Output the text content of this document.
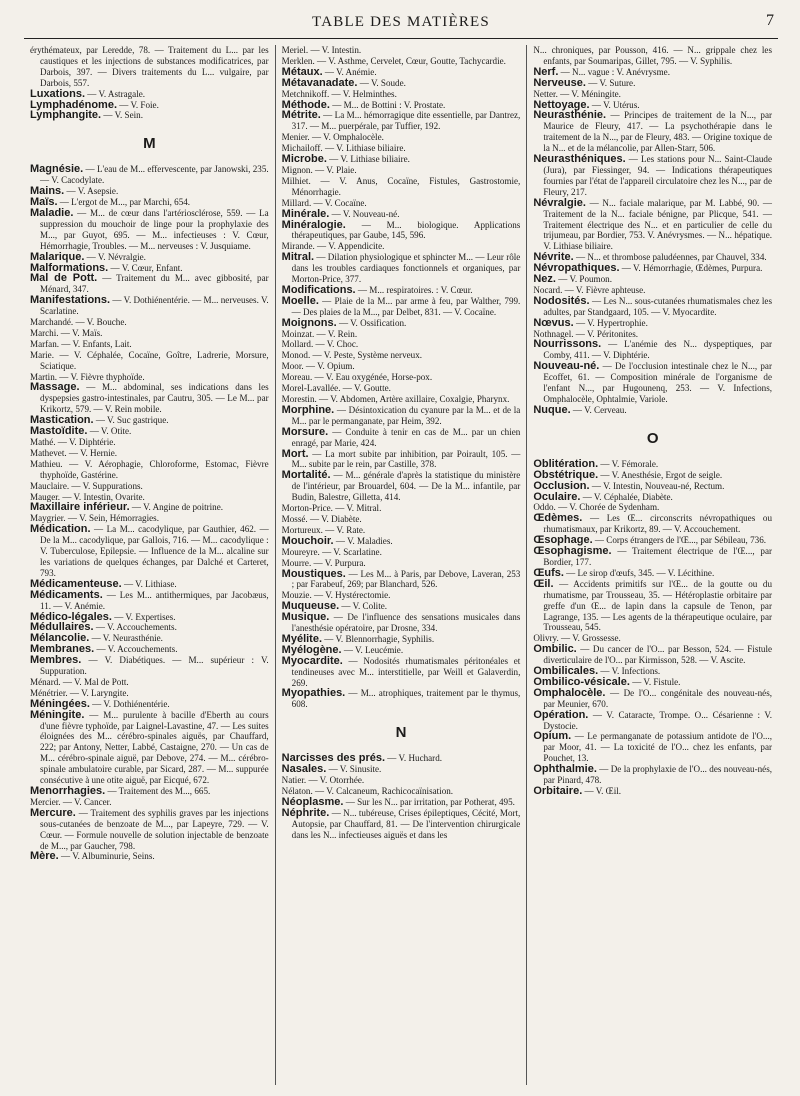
TABLE DES MATIÈRES	7

érythémateux, par Leredde, 78. — Traitement du L... par les caustiques et les injections de substances modificatrices, par Darbois, 397. — Divers traitements du L... vulgaire, par Darbois, 557.

Luxations. — V. Astragale.

Lymphadénome. — V. Foie.

Lymphangite. — V. Sein.

M

Magnésie. — L'eau de M... effervescente, par Janowski, 235. — V. Cacodylate.

Mains. — V. Asepsie.

Maïs. — L'ergot de M..., par Marchi, 654.

Maladie. — M... de cœur dans l'artériosclérose, 559. — La suppression du mouchoir de linge pour la prophylaxie des M..., par Guyot, 695. — M... infectieuses : V. Cœur, Hémorrhagie, Troubles. — M... nerveuses : V. Jusquiame.

Malarique. — V. Névralgie.

Malformations. — V. Cœur, Enfant.

Mal de Pott. — Traitement du M... avec gibbosité, par Ménard, 347.

Manifestations. — V. Dothiénentérie. — M... nerveuses. V. Scarlatine.

Marchandé. — V. Bouche.

Marchi. — V. Maïs.

Marfan. — V. Enfants, Lait.

Marie. — V. Céphalée, Cocaïne, Goître, Ladrerie, Morsure, Sciatique.

Martin. — V. Fièvre thyphoïde.

Massage. — M... abdominal, ses indications dans les dyspepsies gastro-intestinales, par Cautru, 305. — Le M... par Krikortz, 579. — V. Rein mobile.

Mastication. — V. Suc gastrique.

Mastoïdite. — V. Otite.

Mathé. — V. Diphtérie.

Mathevet. — V. Hernie.

Mathieu. — V. Aérophagie, Chloroforme, Estomac, Fièvre thyphoïde, Gastérine.

Mauclaire. — V. Suppurations.

Mauger. — V. Intestin, Ovarite.

Maxillaire inférieur. — V. Angine de poitrine.

Maygrier. — V. Sein, Hémorragies.

Médication. — La M... cacodylique, par Gauthier, 462. — De la M... cacodylique, par Gallois, 716. — M... cacodylique : V. Tuberculose, Epilepsie. — Influence de la M... alcaline sur les variations de quelques échanges, par Dalché et Carteret, 793.

Médicamenteuse. — V. Lithiase.

Médicaments. — Les M... antithermiques, par Jacobæus, 11. — V. Anémie.

Médico-légales. — V. Expertises.

Médullaires. — V. Accouchements.

Mélancolie. — V. Neurasthénie.

Membranes. — V. Accouchements.

Membres. — V. Diabétiques. — M... supérieur : V. Suppuration.

Ménard. — V. Mal de Pott.

Ménétrier. — V. Laryngite.

Méningées. — V. Dothiénentérie.

Méningite. — M... purulente à bacille d'Eberth au cours d'une fièvre typhoïde, par Laignel-Lavastine, 47. — Les suites éloignées des M... cérébro-spinales aiguës, par Chauffard, 222; par Antony, Netter, Labbé, Castaigne, 270. — Un cas de M... cérébro-spinale aiguë, par Debove, 274. — M... cérébro-spinale ambulatoire curable, par Sicard, 287. — M... suppurée consécutive à une otite aiguë, par Eicqué, 672.

Menorrhagies. — Traitement des M..., 665.

Mercier. — V. Cancer.

Mercure. — Traitement des syphilis graves par les injections sous-cutanées de benzoate de M..., par Lapeyre, 729. — V. Cœur. — Formule nouvelle de solution injectable de benzoate de M..., par Gaucher, 798.

Mère. — V. Albuminurie, Seins.

Meriel. — V. Intestin.

Merklen. — V. Asthme, Cervelet, Cœur, Goutte, Tachycardie.

Métaux. — V. Anémie.

Métavanadate. — V. Soude.

Metchnikoff. — V. Helminthes.

Méthode. — M... de Bottini : V. Prostate.

Métrite. — La M... hémorragique dite essentielle, par Dantrez, 317. — M... puerpérale, par Tuffier, 192.

Menier. — V. Omphalocèle.

Michailoff. — V. Lithiase biliaire.

Microbe. — V. Lithiase biliaire.

Mignon. — V. Plaie.

Milhiet. — V. Anus, Cocaïne, Fistules, Gastrostomie, Ménorrhagie.

Millard. — V. Cocaïne.

Minérale. — V. Nouveau-né.

Minéralogie. — M... biologique. Applications thérapeutiques, par Gaube, 145, 596.

Mirande. — V. Appendicite.

Mitral. — Dilation physiologique et sphincter M... — Leur rôle dans les troubles cardiaques fonctionnels et organiques, par Morton-Price, 377.

Modifications. — M... respiratoires. : V. Cœur.

Moelle. — Plaie de la M... par arme à feu, par Walther, 799. — Des plaies de la M..., par Delbet, 831. — V. Cocaïne.

Moignons. — V. Ossification.

Moinzat. — V. Rein.

Mollard. — V. Choc.

Monod. — V. Peste, Système nerveux.

Moor. — V. Opium.

Moreau. — V. Eau oxygénée, Horse-pox.

Morel-Lavallée. — V. Goutte.

Morestin. — V. Abdomen, Artère axillaire, Coxalgie, Pharynx.

Morphine. — Désintoxication du cyanure par la M... et de la M... par le permanganate, par Heim, 392.

Morsure. — Conduite à tenir en cas de M... par un chien enragé, par Marie, 424.

Mort. — La mort subite par inhibition, par Poirault, 105. — M... subite par le rein, par Castille, 378.

Mortalité. — M... générale d'après la statistique du ministère de l'intérieur, par Brouardel, 604. — De la M... infantile, par Budin, Balestre, Gilletta, 414.

Morton-Price. — V. Mitral.

Mossé. — V. Diabète.

Mortureux. — V. Rate.

Mouchoir. — V. Maladies.

Moureyre. — V. Scarlatine.

Mourre. — V. Purpura.

Moustiques. — Les M... à Paris, par Debove, Laveran, 253 ; par Farabeuf, 269; par Blanchard, 526.

Mouzie. — V. Hystérectomie.

Muqueuse. — V. Colite.

Musique. — De l'influence des sensations musicales dans l'anesthésie opératoire, par Drosne, 334.

Myélite. — V. Blennorrhagie, Syphilis.

Myélogène. — V. Leucémie.

Myocardite. — Nodosités rhumatismales péritonéales et tendineuses avec M... interstitielle, par Weill et Galaverdin, 269.

Myopathies. — M... atrophiques, traitement par le thymus, 608.

N

Narcisses des prés. — V. Huchard.

Nasales. — V. Sinusite.

Natier. — V. Otorrhée.

Nélaton. — V. Calcaneum, Rachicocaïnisation.

Néoplasme. — Sur les N... par irritation, par Potherat, 495.

Néphrite. — N... tubéreuse, Crises épileptiques, Cécité, Mort, Autopsie, par Chauffard, 81. — De l'intervention chirurgicale dans les N... infectieuses aiguës et dans les

N... chroniques, par Pousson, 416. — N... grippale chez les enfants, par Soumaripas, Gillet, 795. — V. Syphilis.

Nerf. — N... vague : V. Anévrysme.

Nerveuse. — V. Suture.

Netter. — V. Méningite.

Nettoyage. — V. Utérus.

Neurasthénie. — Principes de traitement de la N..., par Maurice de Fleury, 417. — La psychothérapie dans le traitement de la N..., par de Fleury, 483. — Origine toxique de la N... et de la mélancolie, par Allen-Starr, 506.

Neurasthéniques. — Les stations pour N... Saint-Claude (Jura), par Fiessinger, 94. — Indications thérapeutiques fournies par l'état de l'appareil circulatoire chez les N..., par de Fleury, 217.

Névralgie. — N... faciale malarique, par M. Labbé, 90. — Traitement de la N... faciale bénigne, par Plicque, 541. — Traitement électrique des N... et en particulier de celle du trijumeau, par Bordier, 753. V. Anévrysmes. — N... hépatique. V. Lithiase biliaire.

Névrite. — N... et thrombose paludéennes, par Chauvel, 334.

Névropathiques. — V. Hémorrhagie, Œdèmes, Purpura.

Nez. — V. Poumon.

Nocard. — V. Fièvre aphteuse.

Nodosités. — Les N... sous-cutanées rhumatismales chez les adultes, par Standgaard, 105. — V. Myocardite.

Nœvus. — V. Hypertrophie.

Nothnagel. — V. Péritonites.

Nourrissons. — L'anémie des N... dyspeptiques, par Comby, 411. — V. Diphtérie.

Nouveau-né. — De l'occlusion intestinale chez le N..., par Ecoffet, 61. — Composition minérale de l'organisme de l'enfant N..., par Hugounenq, 253. — V. Infections, Omphalocèle, Ophtalmie, Variole.

Nuque. — V. Cerveau.

O

Oblitération. — V. Fémorale.

Obstétrique. — V. Anesthésie, Ergot de seigle.

Occlusion. — V. Intestin, Nouveau-né, Rectum.

Oculaire. — V. Céphalée, Diabète.

Oddo. — V. Chorée de Sydenham.

Œdèmes. — Les Œ... circonscrits névropathiques ou rhumatismaux, par Krikortz, 89. — V. Accouchement.

Œsophage. — Corps étrangers de l'Œ..., par Sébileau, 736.

Œsophagisme. — Traitement électrique de l'Œ..., par Bordier, 177.

Œufs. — Le sirop d'œufs, 345. — V. Lécithine.

Œil. — Accidents primitifs sur l'Œ... de la goutte ou du rhumatisme, par Trousseau, 35. — Hétéroplastie orbitaire par greffe d'un Œ... de lapin dans la capsule de Tenon, par Lagrange, 135. — Les agents de la thérapeutique oculaire, par Trousseau, 545.

Olivry. — V. Grossesse.

Ombilic. — Du cancer de l'O... par Besson, 524. — Fistule diverticulaire de l'O... par Kirmisson, 528. — V. Ascite.

Ombilicales. — V. Infections.

Ombilico-vésicale. — V. Fistule.

Omphalocèle. — De l'O... congénitale des nouveau-nés, par Meunier, 670.

Opération. — V. Cataracte, Trompe. O... Césarienne : V. Dystocie.

Opium. — Le permanganate de potassium antidote de l'O..., par Moor, 41. — La toxicité de l'O... chez les enfants, par Pouchet, 13.

Ophthalmie. — De la prophylaxie de l'O... des nouveau-nés, par Pinard, 478.

Orbitaire. — V. Œil.
